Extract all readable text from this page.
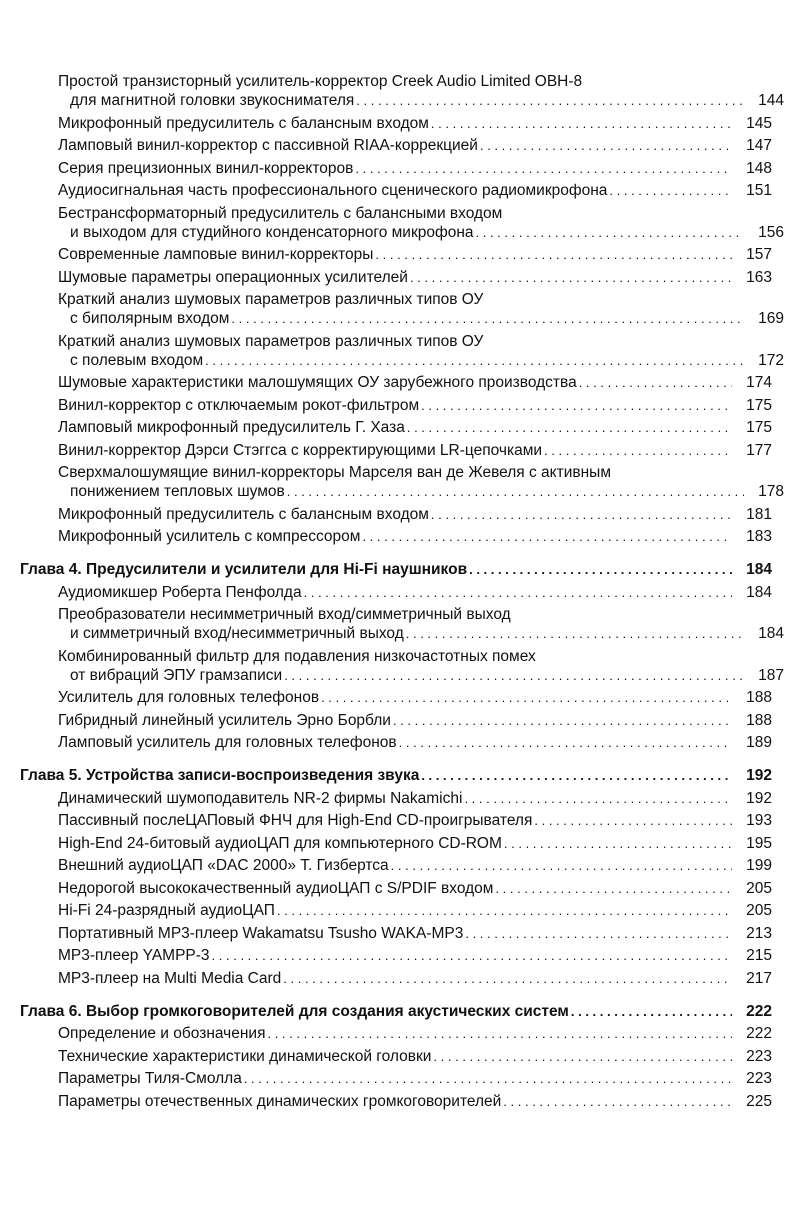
Простой транзисторный усилитель-корректор Creek Audio Limited OBH-8
для магнитной головки звукоснимателя . . .	144
Микрофонный предусилитель с балансным входом . . .	145
Ламповый винил-корректор с пассивной RIAA-коррекцией . . .	147
Серия прецизионных винил-корректоров . . .	148
Аудиосигнальная часть профессионального сценического радиомикрофона . . .	151
Бестрансформаторный предусилитель с балансными входом
и выходом для студийного конденсаторного микрофона . . .	156
Современные ламповые винил-корректоры . . .	157
Шумовые параметры операционных усилителей . . .	163
Краткий анализ шумовых параметров различных типов ОУ
с биполярным входом . . .	169
Краткий анализ шумовых параметров различных типов ОУ
с полевым входом . . .	172
Шумовые характеристики малошумящих ОУ зарубежного производства . . .	174
Винил-корректор с отключаемым рокот-фильтром . . .	175
Ламповый микрофонный предусилитель Г. Хаза . . .	175
Винил-корректор Дэрси Стэггса с корректирующими LR-цепочками . . .	177
Сверхмалошумящие винил-корректоры Марселя ван де Жевеля с активным
понижением тепловых шумов . . .	178
Микрофонный предусилитель с балансным входом . . .	181
Микрофонный усилитель с компрессором . . .	183
Глава 4. Предусилители и усилители для Hi-Fi наушников . . .	184
Аудиомикшер Роберта Пенфолда . . .	184
Преобразователи несимметричный вход/симметричный выход
и симметричный вход/несимметричный выход . . .	184
Комбинированный фильтр для подавления низкочастотных помех
от вибраций ЭПУ грамзаписи . . .	187
Усилитель для головных телефонов . . .	188
Гибридный линейный усилитель Эрно Борбли . . .	188
Ламповый усилитель для головных телефонов . . .	189
Глава 5. Устройства записи-воспроизведения звука . . .	192
Динамический шумоподавитель NR-2 фирмы Nakamichi . . .	192
Пассивный послеЦАПовый ФНЧ для High-End CD-проигрывателя . . .	193
High-End 24-битовый аудиоЦАП для компьютерного CD-ROM . . .	195
Внешний аудиоЦАП «DAC 2000» Т. Гизбертса . . .	199
Недорогой высококачественный аудиоЦАП с S/PDIF входом . . .	205
Hi-Fi 24-разрядный аудиоЦАП . . .	205
Портативный MP3-плеер Wakamatsu Tsusho WAKA-MP3 . . .	213
MP3-плеер YAMPP-3 . . .	215
MP3-плеер на Multi Media Card . . .	217
Глава 6. Выбор громкоговорителей для создания акустических систем . . .	222
Определение и обозначения . . .	222
Технические характеристики динамической головки . . .	223
Параметры Тиля-Смолла . . .	223
Параметры отечественных динамических громкоговорителей . . .	225
